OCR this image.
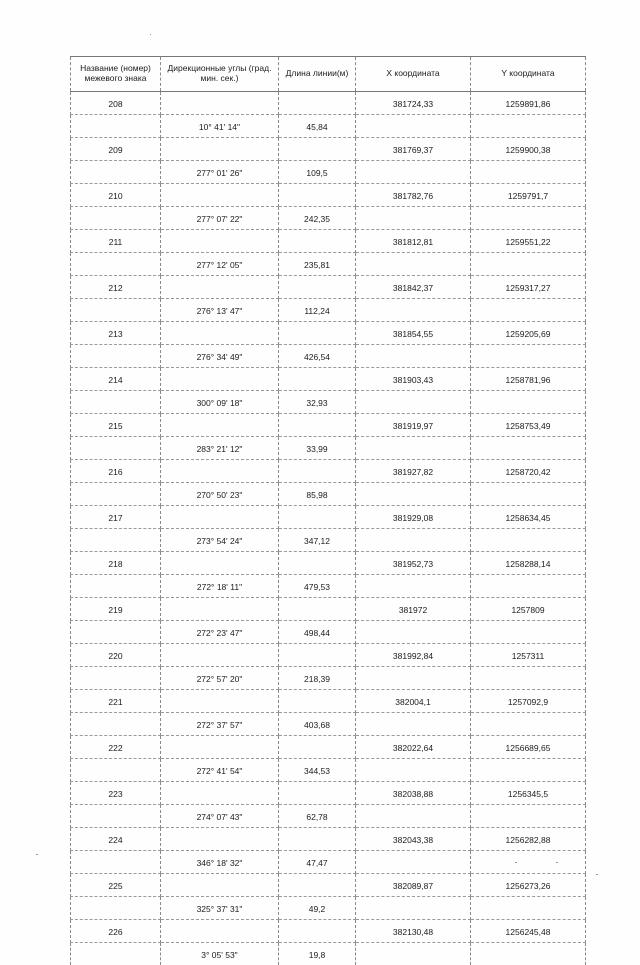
Название (номер) межевого знака	Дирекционные углы (град. мин. сек.)	Длина линии(м)	X координата	Y координата
208			381724,33	1259891,86
	10° 41' 14"	45,84		
209			381769,37	1259900,38
	277° 01' 26"	109,5		
210			381782,76	1259791,7
	277° 07' 22"	242,35		
211			381812,81	1259551,22
	277° 12' 05"	235,81		
212			381842,37	1259317,27
	276° 13' 47"	112,24		
213			381854,55	1259205,69
	276° 34' 49"	426,54		
214			381903,43	1258781,96
	300° 09' 18"	32,93		
215			381919,97	1258753,49
	283° 21' 12"	33,99		
216			381927,82	1258720,42
	270° 50' 23"	85,98		
217			381929,08	1258634,45
	273° 54' 24"	347,12		
218			381952,73	1258288,14
	272° 18' 11"	479,53		
219			381972	1257809
	272° 23' 47"	498,44		
220			381992,84	1257311
	272° 57' 20"	218,39		
221			382004,1	1257092,9
	272° 37' 57"	403,68		
222			382022,64	1256689,65
	272° 41' 54"	344,53		
223			382038,88	1256345,5
	274° 07' 43"	62,78		
224			382043,38	1256282,88
	346° 18' 32"	47,47		
225			382089,87	1256273,26
	325° 37' 31"	49,2		
226			382130,48	1256245,48
	3° 05' 53"	19,8		
